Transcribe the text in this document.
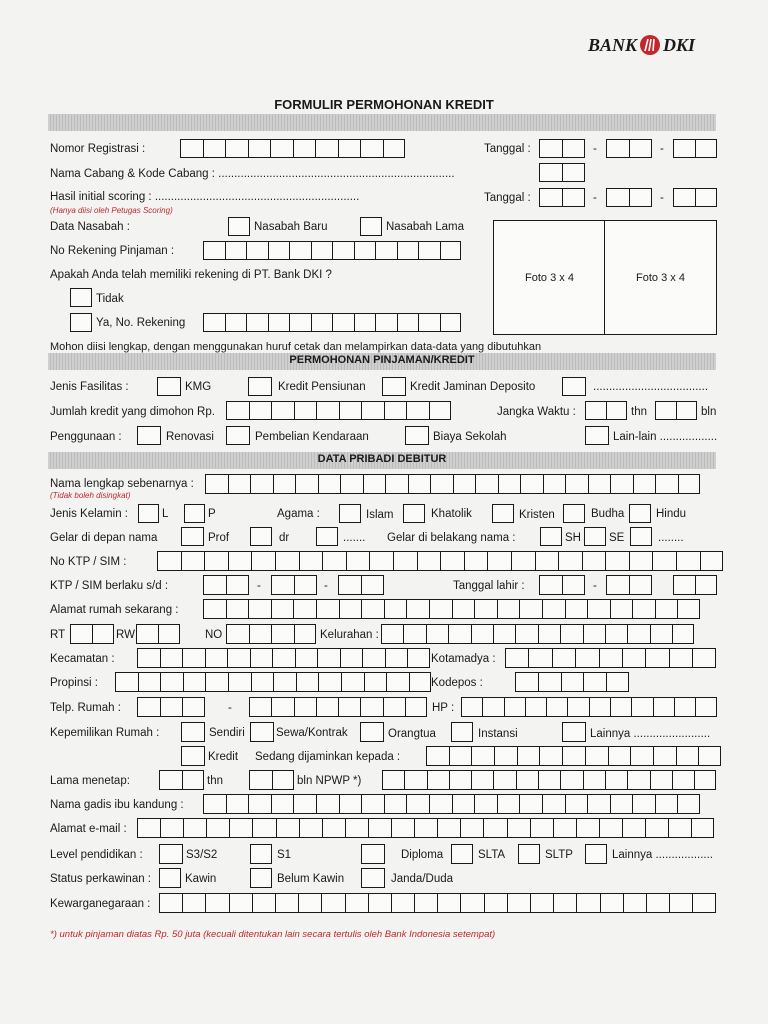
BANK DKI
FORMULIR PERMOHONAN KREDIT
Nomor Registrasi :	Tanggal :	-	-
Nama Cabang & Kode Cabang : ..........................................................................
Hasil initial scoring : ................................................................
(Hanya diisi oleh Petugas Scoring)
Tanggal :	-	-
Data Nasabah :	Nasabah Baru	Nasabah Lama
No Rekening Pinjaman :
Apakah Anda telah memiliki rekening di PT. Bank DKI ?
Tidak
Ya, No. Rekening
Foto 3 x 4	Foto 3 x 4
Mohon diisi lengkap, dengan menggunakan huruf cetak dan melampirkan data-data yang dibutuhkan
PERMOHONAN PINJAMAN/KREDIT
Jenis Fasilitas :	KMG	Kredit Pensiunan	Kredit Jaminan Deposito	....................................
Jumlah kredit yang dimohon Rp.	Jangka Waktu :	thn	bln
Penggunaan :	Renovasi	Pembelian Kendaraan	Biaya Sekolah	Lain-lain ..................
DATA PRIBADI DEBITUR
Nama lengkap sebenarnya :
(Tidak boleh disingkat)
Jenis Kelamin :	L	P	Agama :	Islam	Khatolik	Kristen	Budha	Hindu
Gelar di depan nama	Prof	dr	....... Gelar di belakang nama :	SH SE	........
No KTP / SIM :
KTP / SIM berlaku s/d :	-	-	Tanggal lahir :	-
Alamat rumah sekarang :
RT	RW	NO	Kelurahan :
Kecamatan :	Kotamadya :
Propinsi :	Kodepos :
Telp. Rumah :	-	HP :
Kepemilikan Rumah :	Sendiri	Sewa/Kontrak	Orangtua	Instansi	Lainnya ........................
Kredit Sedang dijaminkan kepada :
Lama menetap:	thn	bln NPWP *)
Nama gadis ibu kandung :
Alamat e-mail :
Level pendidikan :	S3/S2	S1	Diploma	SLTA	SLTP	Lainnya ..................
Status perkawinan :	Kawin	Belum Kawin	Janda/Duda
Kewarganegaraan :
*) untuk pinjaman diatas Rp. 50 juta (kecuali ditentukan lain secara tertulis oleh Bank Indonesia setempat)
